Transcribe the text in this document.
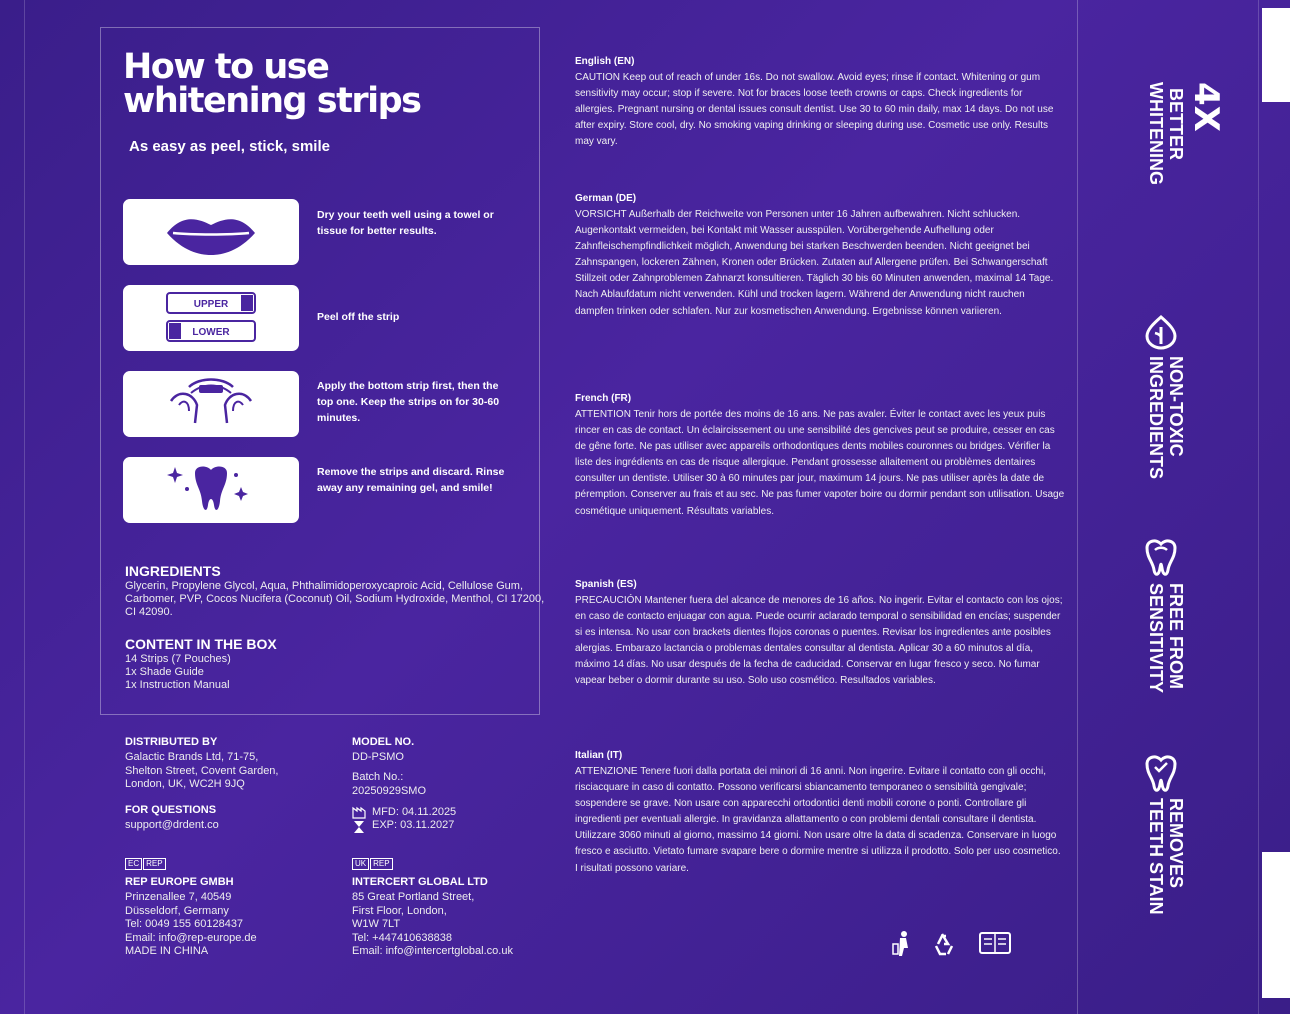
How to use
whitening strips
As easy as peel, stick, smile
Dry your teeth well using a towel or tissue for better results.
UPPER
LOWER
Peel off the strip
Apply the bottom strip first, then the top one. Keep the strips on for 30-60 minutes.
Remove the strips and discard. Rinse away any remaining gel, and smile!
INGREDIENTS
Glycerin, Propylene Glycol, Aqua, Phthalimidoperoxycaproic Acid, Cellulose Gum, Carbomer, PVP, Cocos Nucifera (Coconut) Oil, Sodium Hydroxide, Menthol, CI 17200, CI 42090.
CONTENT IN THE BOX
14 Strips (7 Pouches)
1x Shade Guide
1x Instruction Manual
DISTRIBUTED BY
Galactic Brands Ltd, 71-75,
Shelton Street, Covent Garden,
London, UK, WC2H 9JQ
FOR QUESTIONS
support@drdent.co
MODEL NO.
DD-PSMO
Batch No.:
20250929SMO
MFD: 04.11.2025
EXP: 03.11.2027
EC REP
REP EUROPE GMBH
Prinzenallee 7, 40549
Düsseldorf, Germany
Tel: 0049 155 60128437
Email: info@rep-europe.de
MADE IN CHINA
UK REP
INTERCERT GLOBAL LTD
85 Great Portland Street,
First Floor, London,
W1W 7LT
Tel: +447410638838
Email: info@intercertglobal.co.uk
English (EN)
CAUTION Keep out of reach of under 16s. Do not swallow. Avoid eyes; rinse if contact. Whitening or gum sensitivity may occur; stop if severe. Not for braces loose teeth crowns or caps. Check ingredients for allergies. Pregnant nursing or dental issues consult dentist. Use 30 to 60 min daily, max 14 days. Do not use after expiry. Store cool, dry. No smoking vaping drinking or sleeping during use. Cosmetic use only. Results may vary.
German (DE)
VORSICHT Außerhalb der Reichweite von Personen unter 16 Jahren aufbewahren. Nicht schlucken. Augenkontakt vermeiden, bei Kontakt mit Wasser ausspülen. Vorübergehende Aufhellung oder Zahnfleischempfindlichkeit möglich, Anwendung bei starken Beschwerden beenden. Nicht geeignet bei Zahnspangen, lockeren Zähnen, Kronen oder Brücken. Zutaten auf Allergene prüfen. Bei Schwangerschaft Stillzeit oder Zahnproblemen Zahnarzt konsultieren. Täglich 30 bis 60 Minuten anwenden, maximal 14 Tage. Nach Ablaufdatum nicht verwenden. Kühl und trocken lagern. Während der Anwendung nicht rauchen dampfen trinken oder schlafen. Nur zur kosmetischen Anwendung. Ergebnisse können variieren.
French (FR)
ATTENTION Tenir hors de portée des moins de 16 ans. Ne pas avaler. Éviter le contact avec les yeux puis rincer en cas de contact. Un éclaircissement ou une sensibilité des gencives peut se produire, cesser en cas de gêne forte. Ne pas utiliser avec appareils orthodontiques dents mobiles couronnes ou bridges. Vérifier la liste des ingrédients en cas de risque allergique. Pendant grossesse allaitement ou problèmes dentaires consulter un dentiste. Utiliser 30 à 60 minutes par jour, maximum 14 jours. Ne pas utiliser après la date de péremption. Conserver au frais et au sec. Ne pas fumer vapoter boire ou dormir pendant son utilisation. Usage cosmétique uniquement. Résultats variables.
Spanish (ES)
PRECAUCIÓN Mantener fuera del alcance de menores de 16 años. No ingerir. Evitar el contacto con los ojos; en caso de contacto enjuagar con agua. Puede ocurrir aclarado temporal o sensibilidad en encías; suspender si es intensa. No usar con brackets dientes flojos coronas o puentes. Revisar los ingredientes ante posibles alergias. Embarazo lactancia o problemas dentales consultar al dentista. Aplicar 30 a 60 minutos al día, máximo 14 días. No usar después de la fecha de caducidad. Conservar en lugar fresco y seco. No fumar vapear beber o dormir durante su uso. Solo uso cosmético. Resultados variables.
Italian (IT)
ATTENZIONE Tenere fuori dalla portata dei minori di 16 anni. Non ingerire. Evitare il contatto con gli occhi, risciacquare in caso di contatto. Possono verificarsi sbiancamento temporaneo o sensibilità gengivale; sospendere se grave. Non usare con apparecchi ortodontici denti mobili corone o ponti. Controllare gli ingredienti per eventuali allergie. In gravidanza allattamento o con problemi dentali consultare il dentista. Utilizzare 3060 minuti al giorno, massimo 14 giorni. Non usare oltre la data di scadenza. Conservare in luogo fresco e asciutto. Vietato fumare svapare bere o dormire mentre si utilizza il prodotto. Solo per uso cosmetico. I risultati possono variare.
4X
BETTER
WHITENING
NON-TOXIC
INGREDIENTS
FREE FROM
SENSITIVITY
REMOVES
TEETH STAIN
